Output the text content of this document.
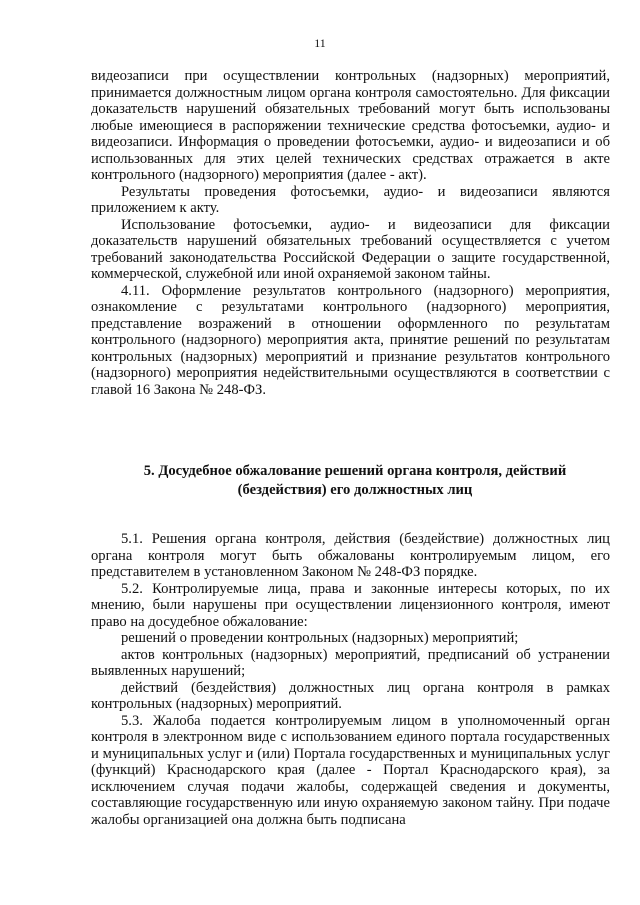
11

видеозаписи при осуществлении контрольных (надзорных) мероприятий, принимается должностным лицом органа контроля самостоятельно. Для фиксации доказательств нарушений обязательных требований могут быть использованы любые имеющиеся в распоряжении технические средства фотосъемки, аудио- и видеозаписи. Информация о проведении фотосъемки, аудио- и видеозаписи и об использованных для этих целей технических средствах отражается в акте контрольного (надзорного) мероприятия (далее - акт).

Результаты проведения фотосъемки, аудио- и видеозаписи являются приложением к акту.

Использование фотосъемки, аудио- и видеозаписи для фиксации доказательств нарушений обязательных требований осуществляется с учетом требований законодательства Российской Федерации о защите государственной, коммерческой, служебной или иной охраняемой законом тайны.

4.11. Оформление результатов контрольного (надзорного) мероприятия, ознакомление с результатами контрольного (надзорного) мероприятия, представление возражений в отношении оформленного по результатам контрольного (надзорного) мероприятия акта, принятие решений по результатам контрольных (надзорных) мероприятий и признание результатов контрольного (надзорного) мероприятия недействительными осуществляются в соответствии с главой 16 Закона № 248-ФЗ.

5. Досудебное обжалование решений органа контроля, действий (бездействия) его должностных лиц

5.1. Решения органа контроля, действия (бездействие) должностных лиц органа контроля могут быть обжалованы контролируемым лицом, его представителем в установленном Законом № 248-ФЗ порядке.

5.2. Контролируемые лица, права и законные интересы которых, по их мнению, были нарушены при осуществлении лицензионного контроля, имеют право на досудебное обжалование:

решений о проведении контрольных (надзорных) мероприятий;

актов контрольных (надзорных) мероприятий, предписаний об устранении выявленных нарушений;

действий (бездействия) должностных лиц органа контроля в рамках контрольных (надзорных) мероприятий.

5.3. Жалоба подается контролируемым лицом в уполномоченный орган контроля в электронном виде с использованием единого портала государственных и муниципальных услуг и (или) Портала государственных и муниципальных услуг (функций) Краснодарского края (далее - Портал Краснодарского края), за исключением случая подачи жалобы, содержащей сведения и документы, составляющие государственную или иную охраняемую законом тайну. При подаче жалобы организацией она должна быть подписана
